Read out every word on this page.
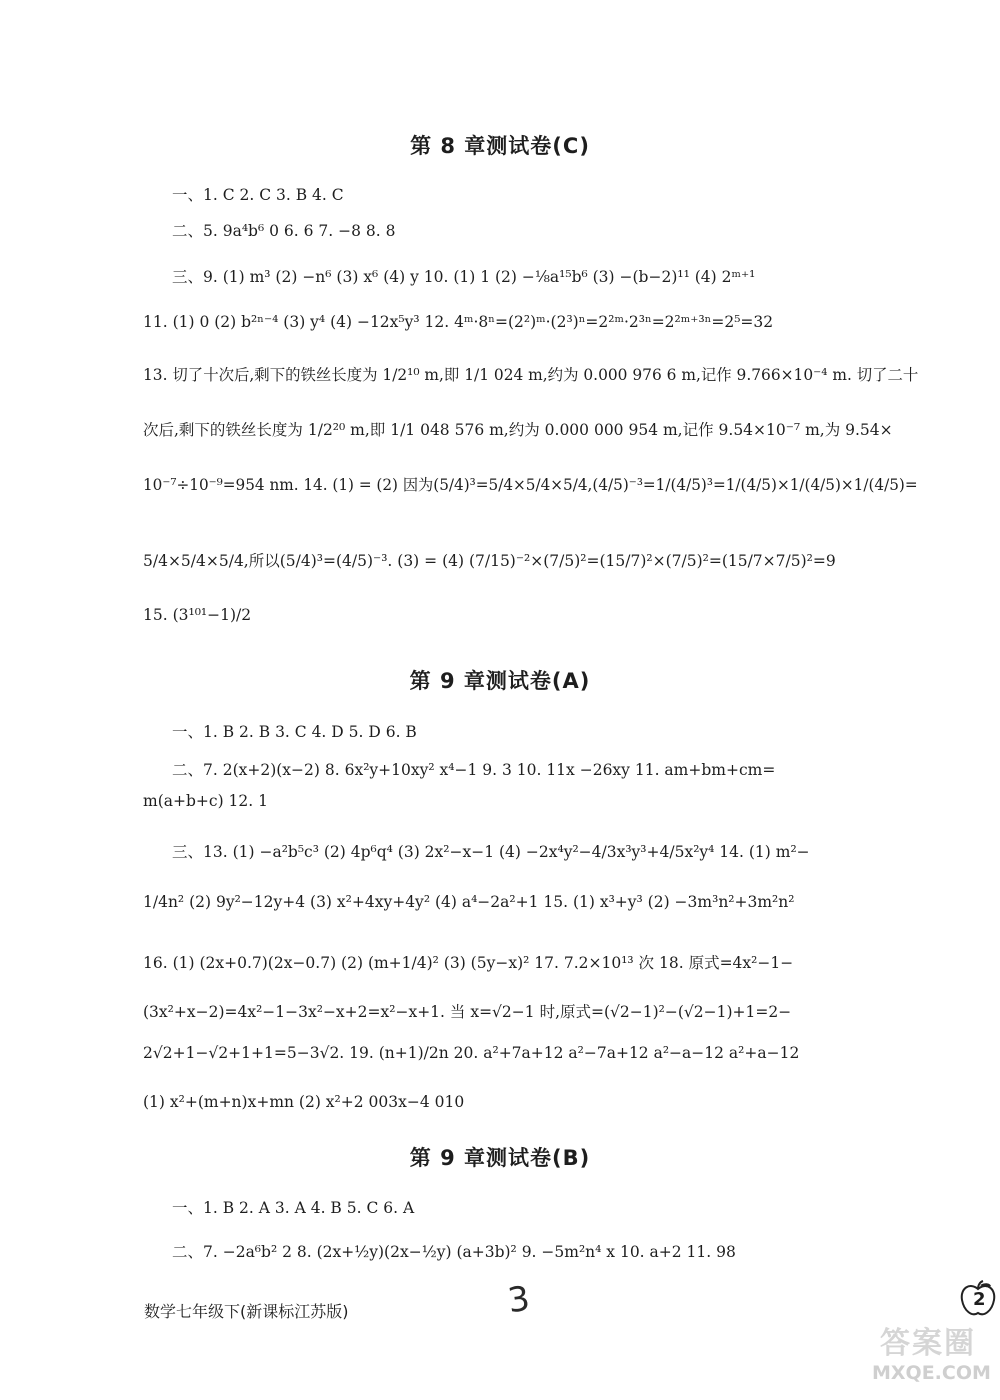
第 8 章测试卷(C)
一、1. C 2. C 3. B 4. C
二、5. 9a⁴b⁶ 0 6. 6 7. −8 8. 8
三、9. (1) m³ (2) −n⁶ (3) x⁶ (4) y 10. (1) 1 (2) −⅛a¹⁵b⁶ (3) −(b−2)¹¹ (4) 2ᵐ⁺¹
11. (1) 0 (2) b²ⁿ⁻⁴ (3) y⁴ (4) −12x⁵y³ 12. 4ᵐ·8ⁿ=(2²)ᵐ·(2³)ⁿ=2²ᵐ·2³ⁿ=2²ᵐ⁺³ⁿ=2⁵=32
13. 切了十次后,剩下的铁丝长度为 1/2¹⁰ m,即 1/1 024 m,约为 0.000 976 6 m,记作 9.766×10⁻⁴ m. 切了二十
次后,剩下的铁丝长度为 1/2²⁰ m,即 1/1 048 576 m,约为 0.000 000 954 m,记作 9.54×10⁻⁷ m,为 9.54×
10⁻⁷÷10⁻⁹=954 nm. 14. (1) = (2) 因为(5/4)³=5/4×5/4×5/4,(4/5)⁻³=1/(4/5)³=1/(4/5)×1/(4/5)×1/(4/5)=
5/4×5/4×5/4,所以(5/4)³=(4/5)⁻³. (3) = (4) (7/15)⁻²×(7/5)²=(15/7)²×(7/5)²=(15/7×7/5)²=9
15. (3¹⁰¹−1)/2
第 9 章测试卷(A)
一、1. B 2. B 3. C 4. D 5. D 6. B
二、7. 2(x+2)(x−2) 8. 6x²y+10xy² x⁴−1 9. 3 10. 11x −26xy 11. am+bm+cm=
m(a+b+c) 12. 1
三、13. (1) −a²b⁵c³ (2) 4p⁶q⁴ (3) 2x²−x−1 (4) −2x⁴y²−4/3x³y³+4/5x²y⁴ 14. (1) m²−
1/4n² (2) 9y²−12y+4 (3) x²+4xy+4y² (4) a⁴−2a²+1 15. (1) x³+y³ (2) −3m³n²+3m²n²
16. (1) (2x+0.7)(2x−0.7) (2) (m+1/4)² (3) (5y−x)² 17. 7.2×10¹³ 次 18. 原式=4x²−1−
(3x²+x−2)=4x²−1−3x²−x+2=x²−x+1. 当 x=√2−1 时,原式=(√2−1)²−(√2−1)+1=2−
2√2+1−√2+1+1=5−3√2. 19. (n+1)/2n 20. a²+7a+12 a²−7a+12 a²−a−12 a²+a−12
(1) x²+(m+n)x+mn (2) x²+2 003x−4 010
第 9 章测试卷(B)
一、1. B 2. A 3. A 4. B 5. C 6. A
二、7. −2a⁶b² 2 8. (2x+½y)(2x−½y) (a+3b)² 9. −5m²n⁴ x 10. a+2 11. 98
数学七年级下(新课标江苏版)	3	2
答案圈
MXQE.COM
